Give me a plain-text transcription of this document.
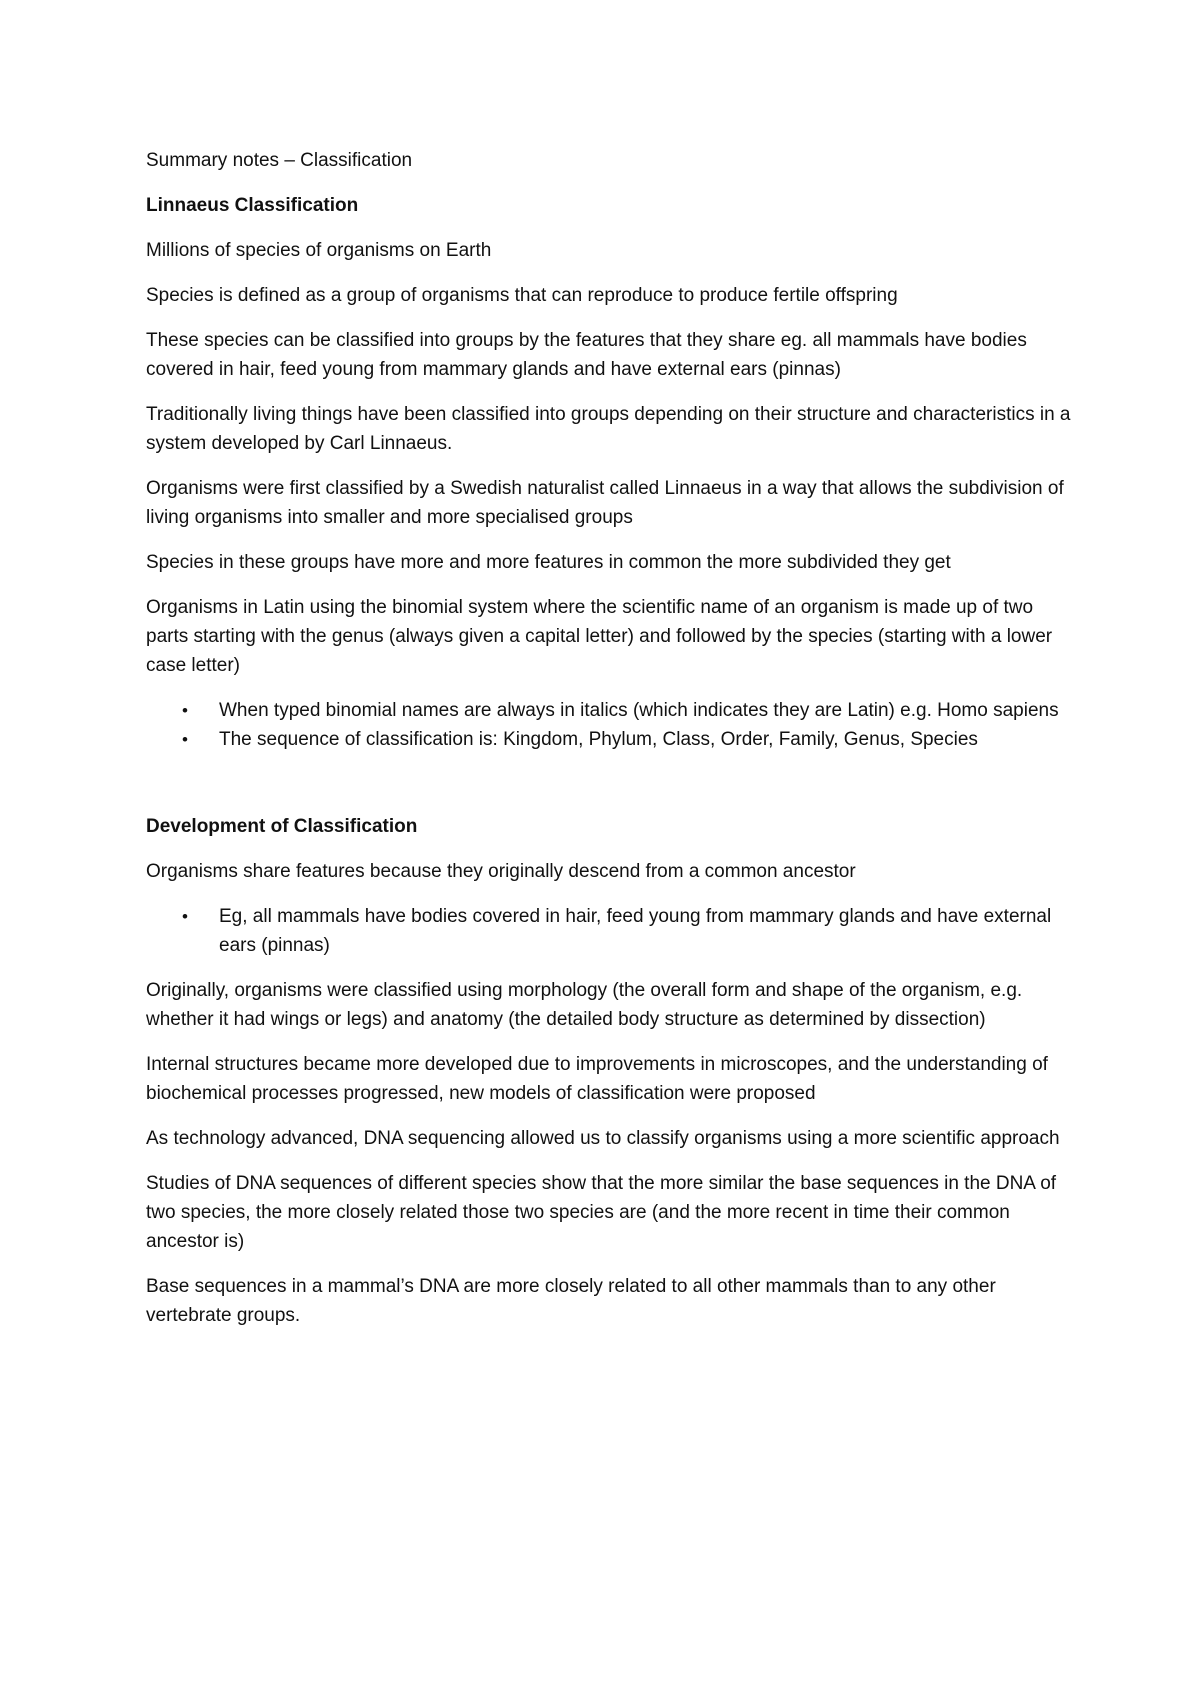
Summary notes – Classification

Linnaeus Classification

Millions of species of organisms on Earth

Species is defined as a group of organisms that can reproduce to produce fertile offspring

These species can be classified into groups by the features that they share eg. all mammals have bodies covered in hair, feed young from mammary glands and have external ears (pinnas)

Traditionally living things have been classified into groups depending on their structure and characteristics in a system developed by Carl Linnaeus.

Organisms were first classified by a Swedish naturalist called Linnaeus in a way that allows the subdivision of living organisms into smaller and more specialised groups

Species in these groups have more and more features in common the more subdivided they get

Organisms in Latin using the binomial system where the scientific name of an organism is made up of two parts starting with the genus (always given a capital letter) and followed by the species (starting with a lower case letter)

• When typed binomial names are always in italics (which indicates they are Latin) e.g. Homo sapiens
• The sequence of classification is: Kingdom, Phylum, Class, Order, Family, Genus, Species

Development of Classification

Organisms share features because they originally descend from a common ancestor

• Eg, all mammals have bodies covered in hair, feed young from mammary glands and have external ears (pinnas)

Originally, organisms were classified using morphology (the overall form and shape of the organism, e.g. whether it had wings or legs) and anatomy (the detailed body structure as determined by dissection)

Internal structures became more developed due to improvements in microscopes, and the understanding of biochemical processes progressed, new models of classification were proposed

As technology advanced, DNA sequencing allowed us to classify organisms using a more scientific approach

Studies of DNA sequences of different species show that the more similar the base sequences in the DNA of two species, the more closely related those two species are (and the more recent in time their common ancestor is)

Base sequences in a mammal’s DNA are more closely related to all other mammals than to any other vertebrate groups.
